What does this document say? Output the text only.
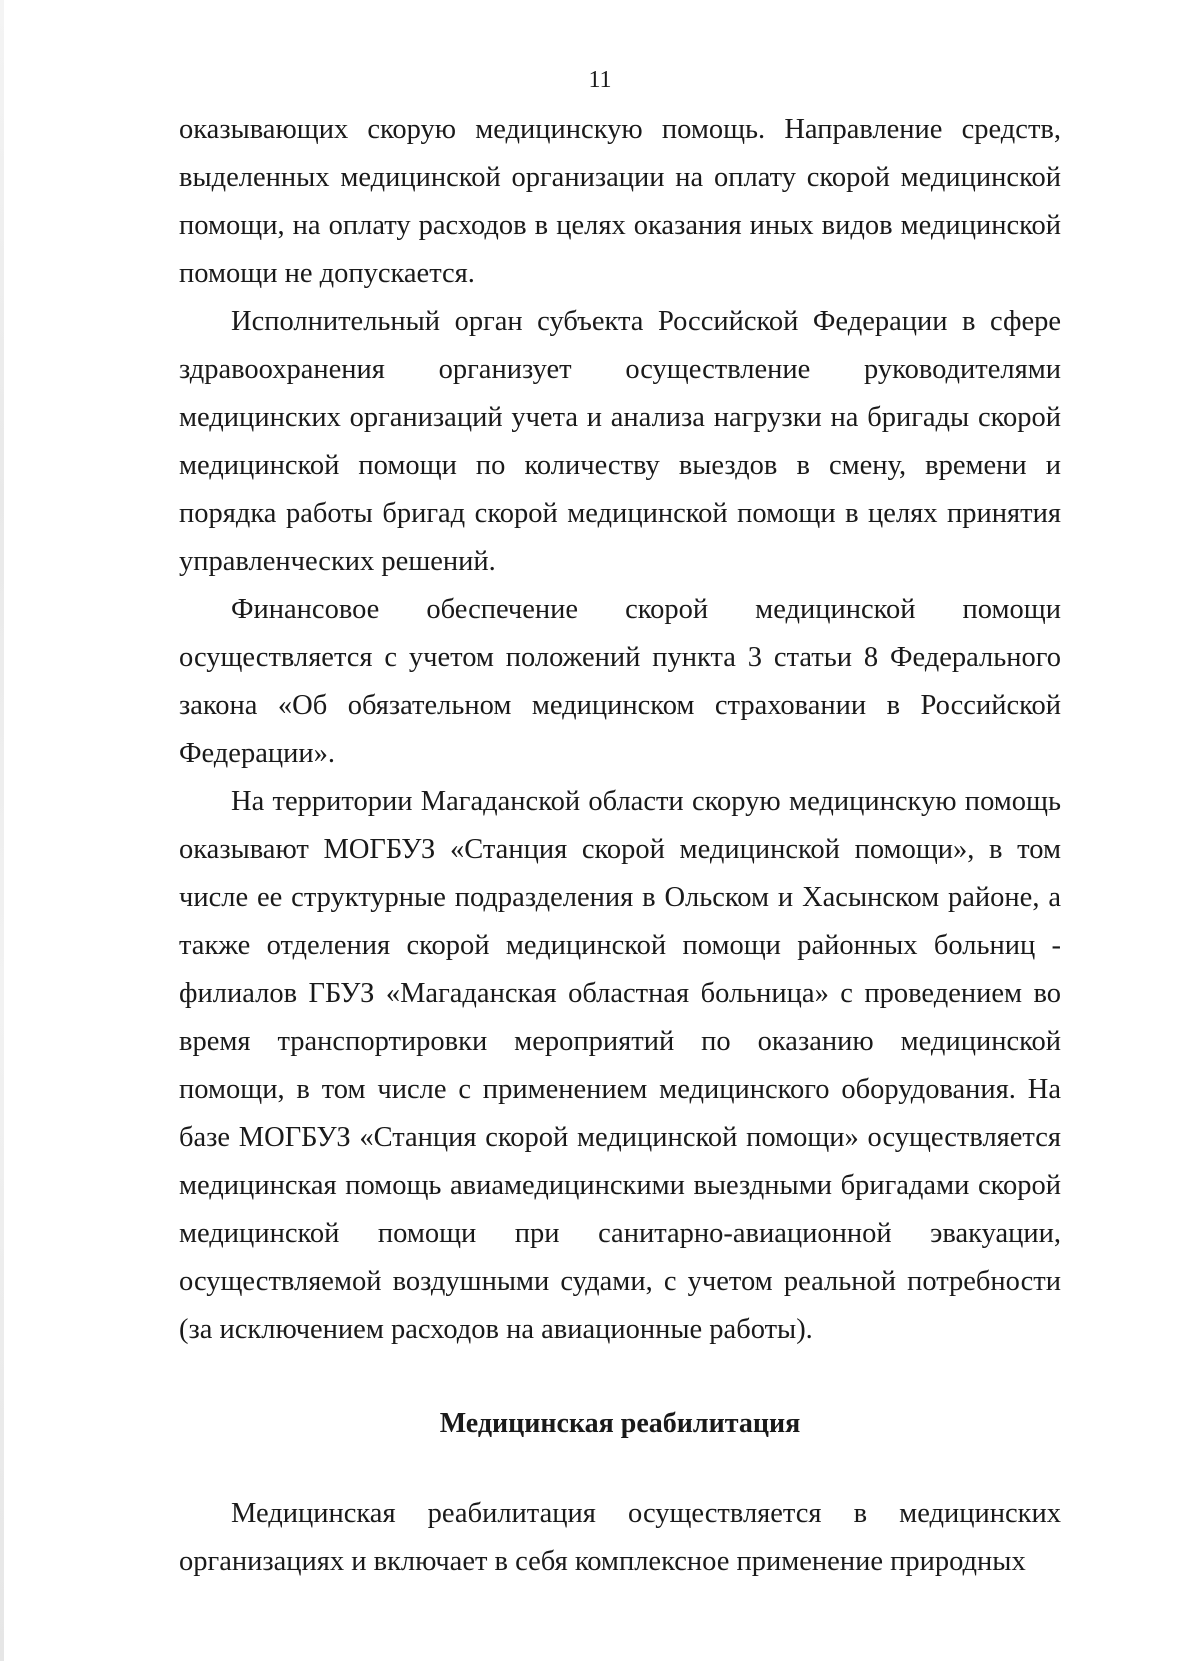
11

оказывающих скорую медицинскую помощь. Направление средств, выделенных медицинской организации на оплату скорой медицинской помощи, на оплату расходов в целях оказания иных видов медицинской помощи не допускается.

Исполнительный орган субъекта Российской Федерации в сфере здравоохранения организует осуществление руководителями медицинских организаций учета и анализа нагрузки на бригады скорой медицинской помощи по количеству выездов в смену, времени и порядка работы бригад скорой медицинской помощи в целях принятия управленческих решений.

Финансовое обеспечение скорой медицинской помощи осуществляется с учетом положений пункта 3 статьи 8 Федерального закона «Об обязательном медицинском страховании в Российской Федерации».

На территории Магаданской области скорую медицинскую помощь оказывают МОГБУЗ «Станция скорой медицинской помощи», в том числе ее структурные подразделения в Ольском и Хасынском районе, а также отделения скорой медицинской помощи районных больниц - филиалов ГБУЗ «Магаданская областная больница» с проведением во время транспортировки мероприятий по оказанию медицинской помощи, в том числе с применением медицинского оборудования. На базе МОГБУЗ «Станция скорой медицинской помощи» осуществляется медицинская помощь авиамедицинскими выездными бригадами скорой медицинской помощи при санитарно-авиационной эвакуации, осуществляемой воздушными судами, с учетом реальной потребности (за исключением расходов на авиационные работы).

Медицинская реабилитация

Медицинская реабилитация осуществляется в медицинских организациях и включает в себя комплексное применение природных
